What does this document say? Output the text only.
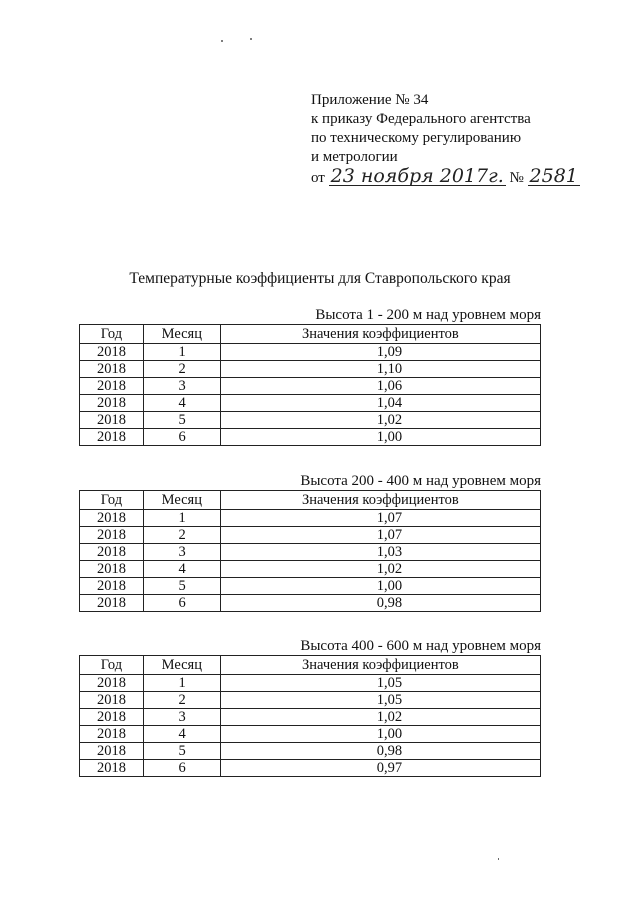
Приложение № 34
к приказу Федерального агентства
по техническому регулированию
и метрологии
от 23 ноября 2017г. № 2581
Температурные коэффициенты для Ставропольского края
Высота 1 - 200 м над уровнем моря
Год	Месяц	Значения коэффициентов
2018	1	1,09
2018	2	1,10
2018	3	1,06
2018	4	1,04
2018	5	1,02
2018	6	1,00
Высота 200 - 400 м над уровнем моря
Год	Месяц	Значения коэффициентов
2018	1	1,07
2018	2	1,07
2018	3	1,03
2018	4	1,02
2018	5	1,00
2018	6	0,98
Высота 400 - 600 м над уровнем моря
Год	Месяц	Значения коэффициентов
2018	1	1,05
2018	2	1,05
2018	3	1,02
2018	4	1,00
2018	5	0,98
2018	6	0,97
